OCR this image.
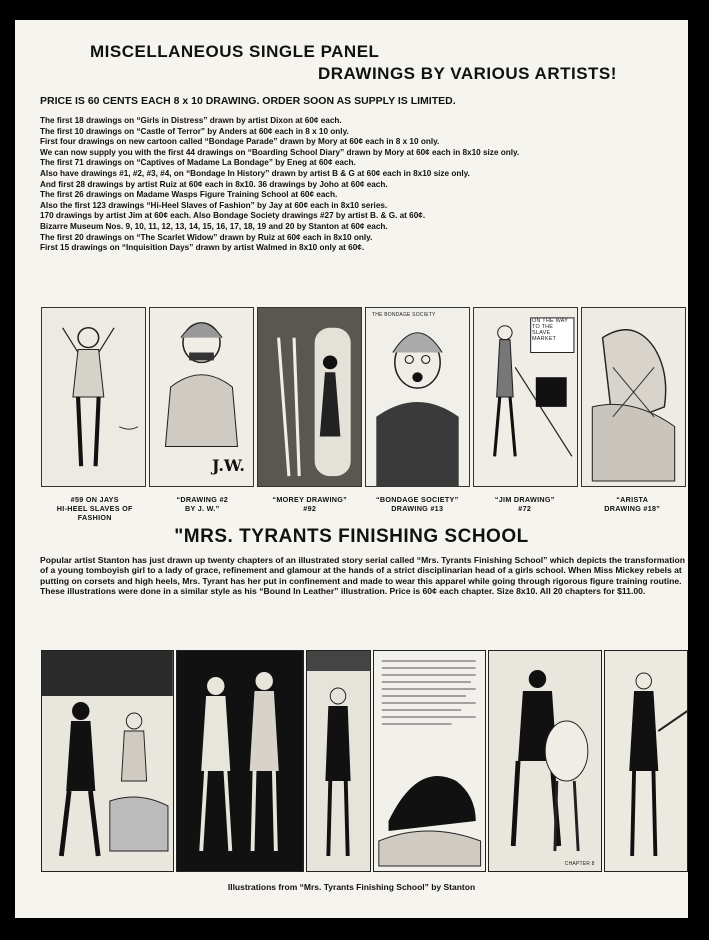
MISCELLANEOUS SINGLE PANEL
DRAWINGS BY VARIOUS ARTISTS!
PRICE IS 60 CENTS EACH 8 x 10 DRAWING. ORDER SOON AS SUPPLY IS LIMITED.
The first 18 drawings on “Girls in Distress” drawn by artist Dixon at 60¢ each.
The first 10 drawings on “Castle of Terror” by Anders at 60¢ each in 8 x 10 only.
First four drawings on new cartoon called “Bondage Parade” drawn by Mory at 60¢ each in 8 x 10 only.
We can now supply you with the first 44 drawings on “Boarding School Diary” drawn by Mory at 60¢ each in 8x10 size only.
The first 71 drawings on “Captives of Madame La Bondage” by Eneg at 60¢ each.
Also have drawings #1, #2, #3, #4, on “Bondage In History” drawn by artist B & G at 60¢ each in 8x10 size only.
And first 28 drawings by artist Ruiz at 60¢ each in 8x10. 36 drawings by Joho at 60¢ each.
The first 26 drawings on Madame Wasps Figure Training School at 60¢ each.
Also the first 123 drawings “Hi-Heel Slaves of Fashion” by Jay at 60¢ each in 8x10 series.
170 drawings by artist Jim at 60¢ each. Also Bondage Society drawings #27 by artist B. & G. at 60¢.
Bizarre Museum Nos. 9, 10, 11, 12, 13, 14, 15, 16, 17, 18, 19 and 20 by Stanton at 60¢ each.
The first 20 drawings on “The Scarlet Widow” drawn by Ruiz at 60¢ each in 8x10 only.
First 15 drawings on “Inquisition Days” drawn by artist Walmed in 8x10 only at 60¢.
J.W.
THE BONDAGE SOCIETY
ON THE WAY TO THE SLAVE MARKET
#59 ON JAYS
HI-HEEL SLAVES OF FASHION
“DRAWING #2
BY J. W.”
“MOREY DRAWING”
#92
“BONDAGE SOCIETY”
DRAWING #13
“JIM DRAWING”
#72
“ARISTA
DRAWING #18”
"MRS. TYRANTS FINISHING SCHOOL

Popular artist Stanton has just drawn up twenty chapters of an illustrated story serial called “Mrs. Tyrants Finishing School” which depicts the transformation of a young tomboyish girl to a lady of grace, refinement and glamour at the hands of a strict disciplinarian head of a girls school. When Miss Mickey rebels at putting on corsets and high heels, Mrs. Tyrant has her put in confinement and made to wear this apparel while going through rigorous figure training routine. These illustrations were done in a similar style as his “Bound In Leather” illustration. Price is 60¢ each chapter. Size 8x10. All 20 chapters for $11.00.

CHAPTER 8
Illustrations from “Mrs. Tyrants Finishing School” by Stanton
